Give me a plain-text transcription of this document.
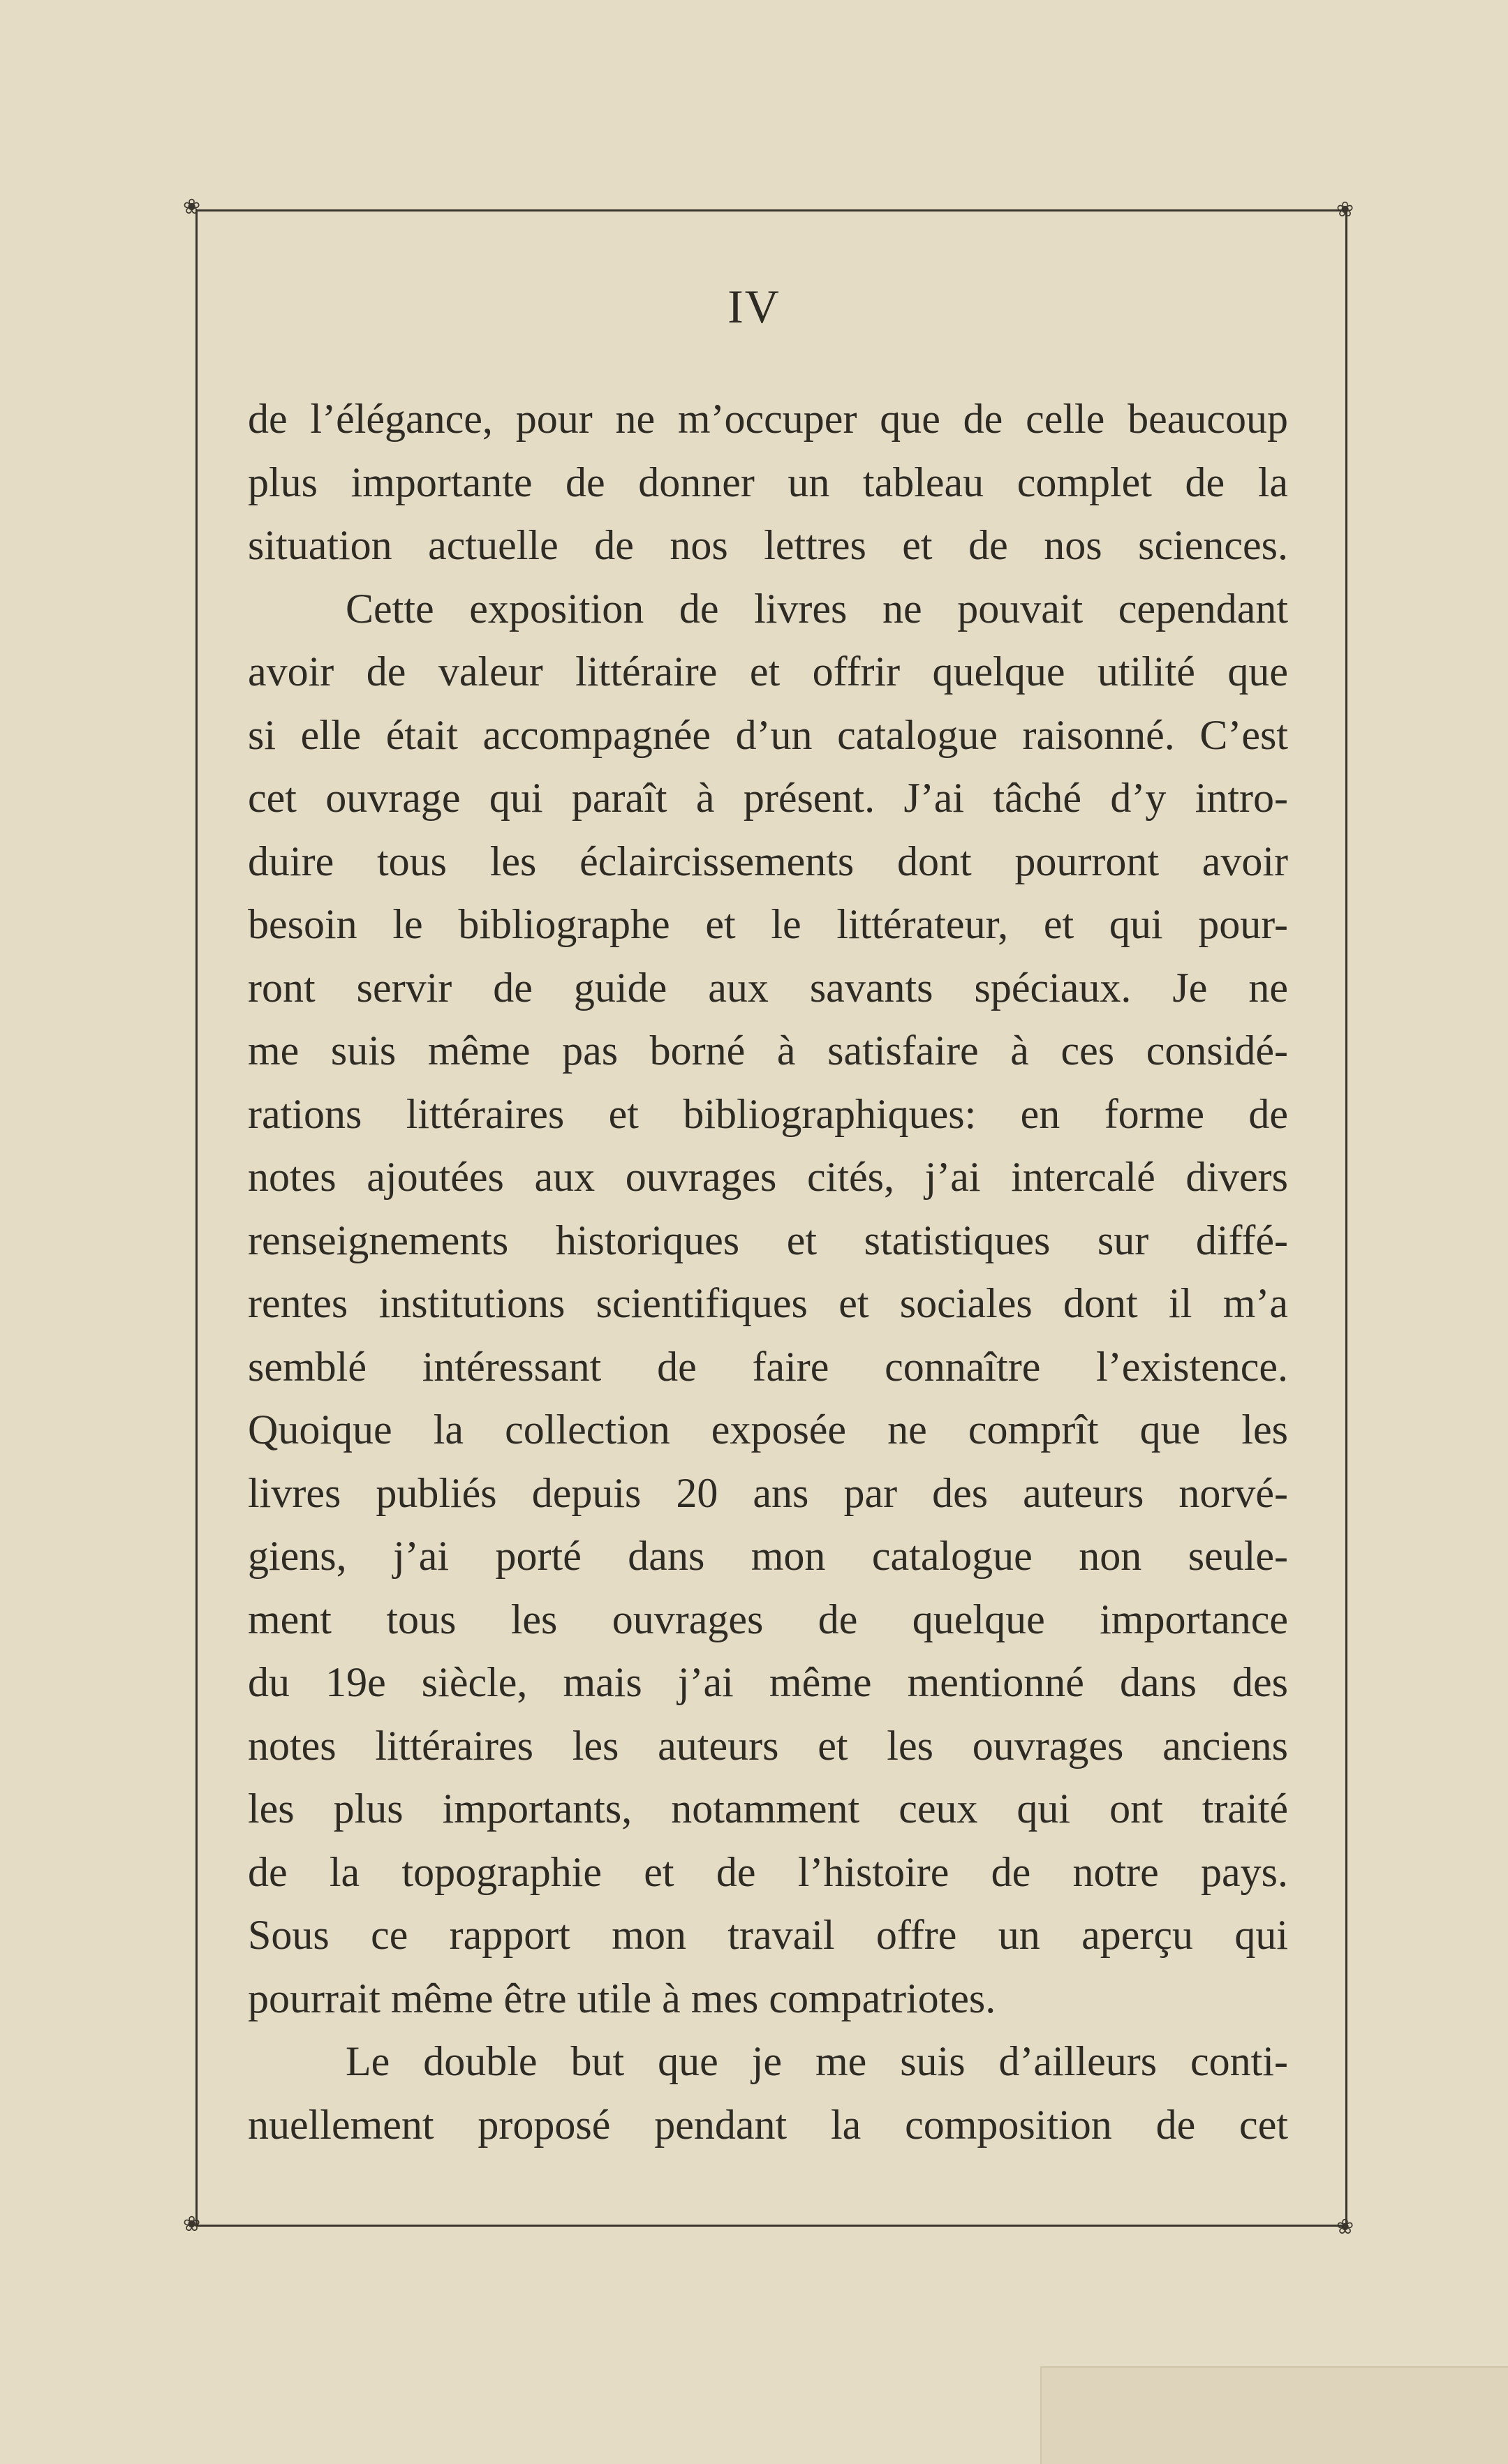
❀	❀
❀	❀
IV
de l’élégance, pour ne m’occuper que de celle beaucoup
plus importante de donner un tableau complet de la
situation actuelle de nos lettres et de nos sciences.
Cette exposition de livres ne pouvait cependant
avoir de valeur littéraire et offrir quelque utilité que
si elle était accompagnée d’un catalogue raisonné. C’est
cet ouvrage qui paraît à présent. J’ai tâché d’y intro-
duire tous les éclaircissements dont pourront avoir
besoin le bibliographe et le littérateur, et qui pour-
ront servir de guide aux savants spéciaux. Je ne
me suis même pas borné à satisfaire à ces considé-
rations littéraires et bibliographiques: en forme de
notes ajoutées aux ouvrages cités, j’ai intercalé divers
renseignements historiques et statistiques sur diffé-
rentes institutions scientifiques et sociales dont il m’a
semblé intéressant de faire connaître l’existence.
Quoique la collection exposée ne comprît que les
livres publiés depuis 20 ans par des auteurs norvé-
giens, j’ai porté dans mon catalogue non seule-
ment tous les ouvrages de quelque importance
du 19e siècle, mais j’ai même mentionné dans des
notes littéraires les auteurs et les ouvrages anciens
les plus importants, notamment ceux qui ont traité
de la topographie et de l’histoire de notre pays.
Sous ce rapport mon travail offre un aperçu qui
pourrait même être utile à mes compatriotes.
Le double but que je me suis d’ailleurs conti-
nuellement proposé pendant la composition de cet
